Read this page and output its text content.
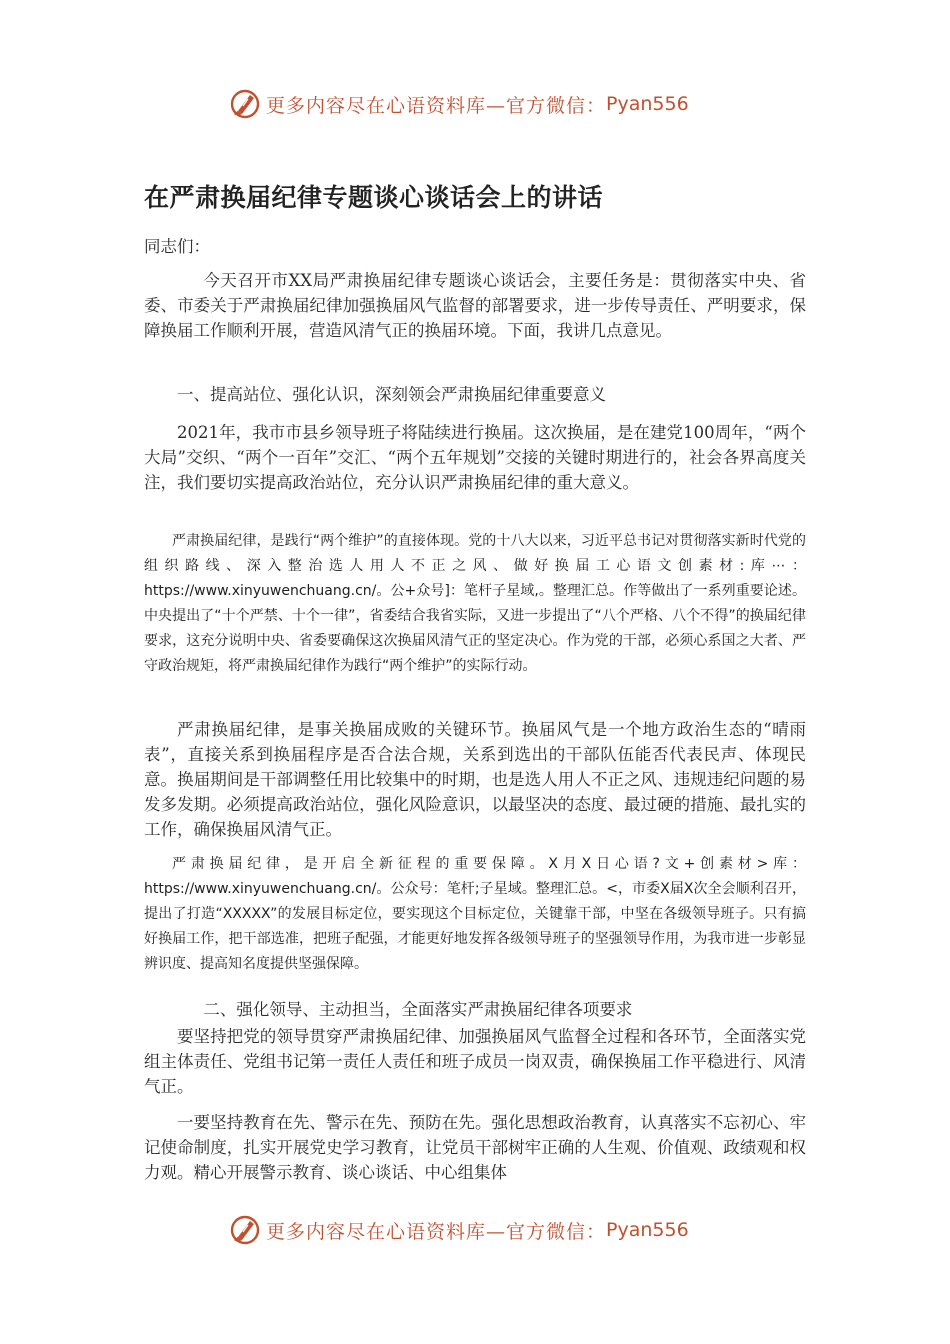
更多内容尽在心语资料库—官方微信： Pyan556
在严肃换届纪律专题谈心谈话会上的讲话

同志们：

今天召开市XX局严肃换届纪律专题谈心谈话会，主要任务是：贯彻落实中央、省委、市委关于严肃换届纪律加强换届风气监督的部署要求，进一步传导责任、严明要求，保障换届工作顺利开展，营造风清气正的换届环境。下面，我讲几点意见。

一、提高站位、强化认识，深刻领会严肃换届纪律重要意义

2021年，我市市县乡领导班子将陆续进行换届。这次换届，是在建党100周年，“两个大局”交织、“两个一百年”交汇、“两个五年规划”交接的关键时期进行的，社会各界高度关注，我们要切实提高政治站位，充分认识严肃换届纪律的重大意义。

严肃换届纪律，是践行“两个维护”的直接体现。党的十八大以来，习近平总书记对贯彻落实新时代党的组织路线、深入整治选人用人不正之风、做好换届工心语文创素材:库⋯：https://www.xinyuwenchuang.cn/。公+众号]：笔杆子星域,。整理汇总。作等做出了一系列重要论述。中央提出了“十个严禁、十个一律”，省委结合我省实际，又进一步提出了“八个严格、八个不得”的换届纪律要求，这充分说明中央、省委要确保这次换届风清气正的坚定决心。作为党的干部，必须心系国之大者、严守政治规矩，将严肃换届纪律作为践行“两个维护”的实际行动。

严肃换届纪律，是事关换届成败的关键环节。换届风气是一个地方政治生态的“晴雨表”，直接关系到换届程序是否合法合规，关系到选出的干部队伍能否代表民声、体现民意。换届期间是干部调整任用比较集中的时期，也是选人用人不正之风、违规违纪问题的易发多发期。必须提高政治站位，强化风险意识，以最坚决的态度、最过硬的措施、最扎实的工作，确保换届风清气正。

严肃换届纪律，是开启全新征程的重要保障。X月X日心语?文+创素材>库：https://www.xinyuwenchuang.cn/。公众号：笔杆;子星域。整理汇总。<，市委X届X次全会顺利召开，提出了打造“XXXXX”的发展目标定位，要实现这个目标定位，关键靠干部，中坚在各级领导班子。只有搞好换届工作，把干部选准，把班子配强，才能更好地发挥各级领导班子的坚强领导作用，为我市进一步彰显辨识度、提高知名度提供坚强保障。

二、强化领导、主动担当，全面落实严肃换届纪律各项要求

要坚持把党的领导贯穿严肃换届纪律、加强换届风气监督全过程和各环节，全面落实党组主体责任、党组书记第一责任人责任和班子成员一岗双责，确保换届工作平稳进行、风清气正。

一要坚持教育在先、警示在先、预防在先。强化思想政治教育，认真落实不忘初心、牢记使命制度，扎实开展党史学习教育，让党员干部树牢正确的人生观、价值观、政绩观和权力观。精心开展警示教育、谈心谈话、中心组集体

更多内容尽在心语资料库—官方微信： Pyan556
